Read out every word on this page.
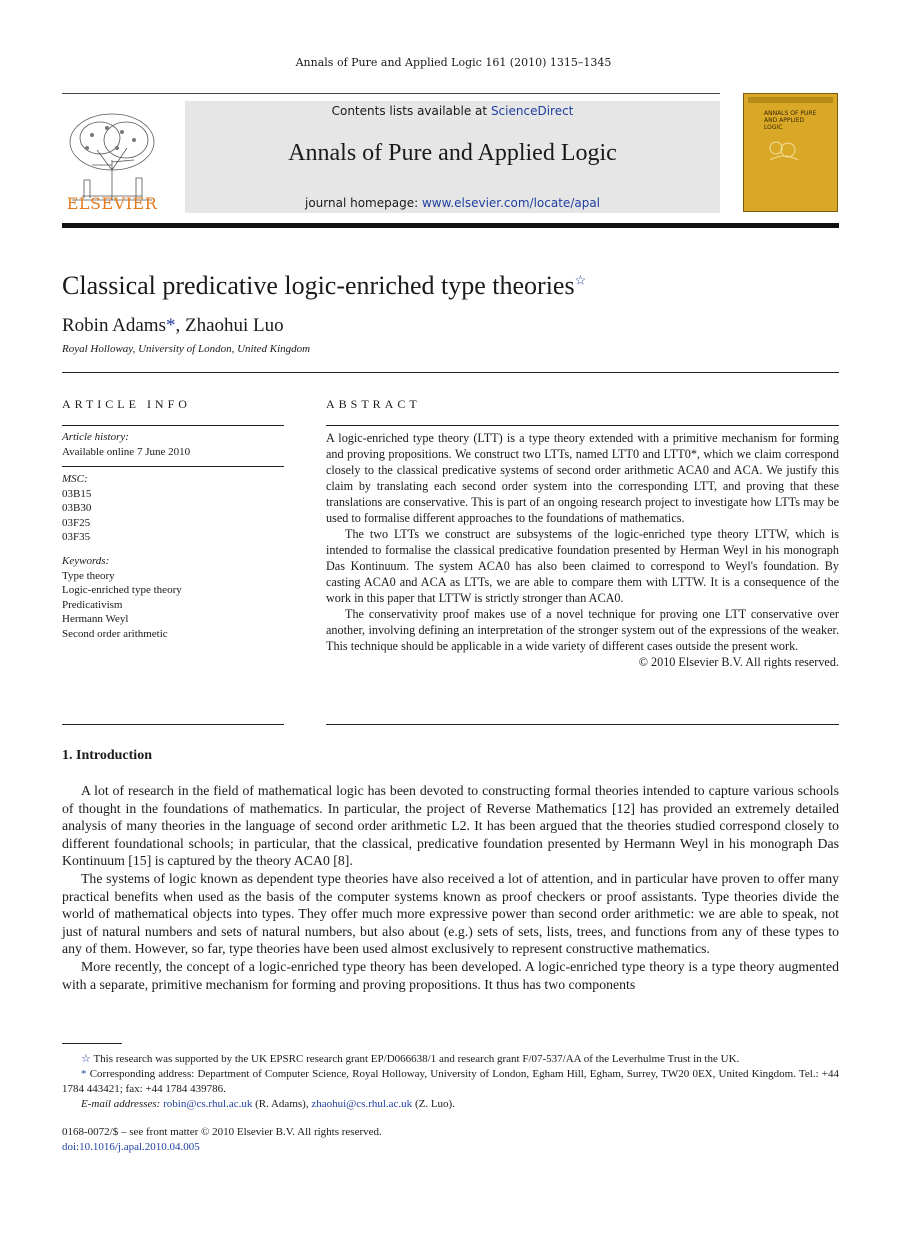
Annals of Pure and Applied Logic 161 (2010) 1315–1345
ELSEVIER
Contents lists available at ScienceDirect
Annals of Pure and Applied Logic
journal homepage: www.elsevier.com/locate/apal
ANNALS OF PURE AND APPLIED LOGIC
Classical predicative logic-enriched type theories☆
Robin Adams*, Zhaohui Luo
Royal Holloway, University of London, United Kingdom
ARTICLE INFO
Article history:
Available online 7 June 2010
MSC:
03B15
03B30
03F25
03F35
Keywords:
Type theory
Logic-enriched type theory
Predicativism
Hermann Weyl
Second order arithmetic
ABSTRACT

A logic-enriched type theory (LTT) is a type theory extended with a primitive mechanism for forming and proving propositions. We construct two LTTs, named LTT0 and LTT0*, which we claim correspond closely to the classical predicative systems of second order arithmetic ACA0 and ACA. We justify this claim by translating each second order system into the corresponding LTT, and proving that these translations are conservative. This is part of an ongoing research project to investigate how LTTs may be used to formalise different approaches to the foundations of mathematics.

The two LTTs we construct are subsystems of the logic-enriched type theory LTTW, which is intended to formalise the classical predicative foundation presented by Herman Weyl in his monograph Das Kontinuum. The system ACA0 has also been claimed to correspond to Weyl's foundation. By casting ACA0 and ACA as LTTs, we are able to compare them with LTTW. It is a consequence of the work in this paper that LTTW is strictly stronger than ACA0.

The conservativity proof makes use of a novel technique for proving one LTT conservative over another, involving defining an interpretation of the stronger system out of the expressions of the weaker. This technique should be applicable in a wide variety of different cases outside the present work.

© 2010 Elsevier B.V. All rights reserved.

1. Introduction

A lot of research in the field of mathematical logic has been devoted to constructing formal theories intended to capture various schools of thought in the foundations of mathematics. In particular, the project of Reverse Mathematics [12] has provided an extremely detailed analysis of many theories in the language of second order arithmetic L2. It has been argued that the theories studied correspond closely to different foundational schools; in particular, that the classical, predicative foundation presented by Hermann Weyl in his monograph Das Kontinuum [15] is captured by the theory ACA0 [8].

The systems of logic known as dependent type theories have also received a lot of attention, and in particular have proven to offer many practical benefits when used as the basis of the computer systems known as proof checkers or proof assistants. Type theories divide the world of mathematical objects into types. They offer much more expressive power than second order arithmetic: we are able to speak, not just of natural numbers and sets of natural numbers, but also about (e.g.) sets of sets, lists, trees, and functions from any of these types to any of them. However, so far, type theories have been used almost exclusively to represent constructive mathematics.

More recently, the concept of a logic-enriched type theory has been developed. A logic-enriched type theory is a type theory augmented with a separate, primitive mechanism for forming and proving propositions. It thus has two components

☆ This research was supported by the UK EPSRC research grant EP/D066638/1 and research grant F/07-537/AA of the Leverhulme Trust in the UK.
* Corresponding address: Department of Computer Science, Royal Holloway, University of London, Egham Hill, Egham, Surrey, TW20 0EX, United Kingdom. Tel.: +44 1784 443421; fax: +44 1784 439786.
E-mail addresses: robin@cs.rhul.ac.uk (R. Adams), zhaohui@cs.rhul.ac.uk (Z. Luo).
0168-0072/$ – see front matter © 2010 Elsevier B.V. All rights reserved.
doi:10.1016/j.apal.2010.04.005
